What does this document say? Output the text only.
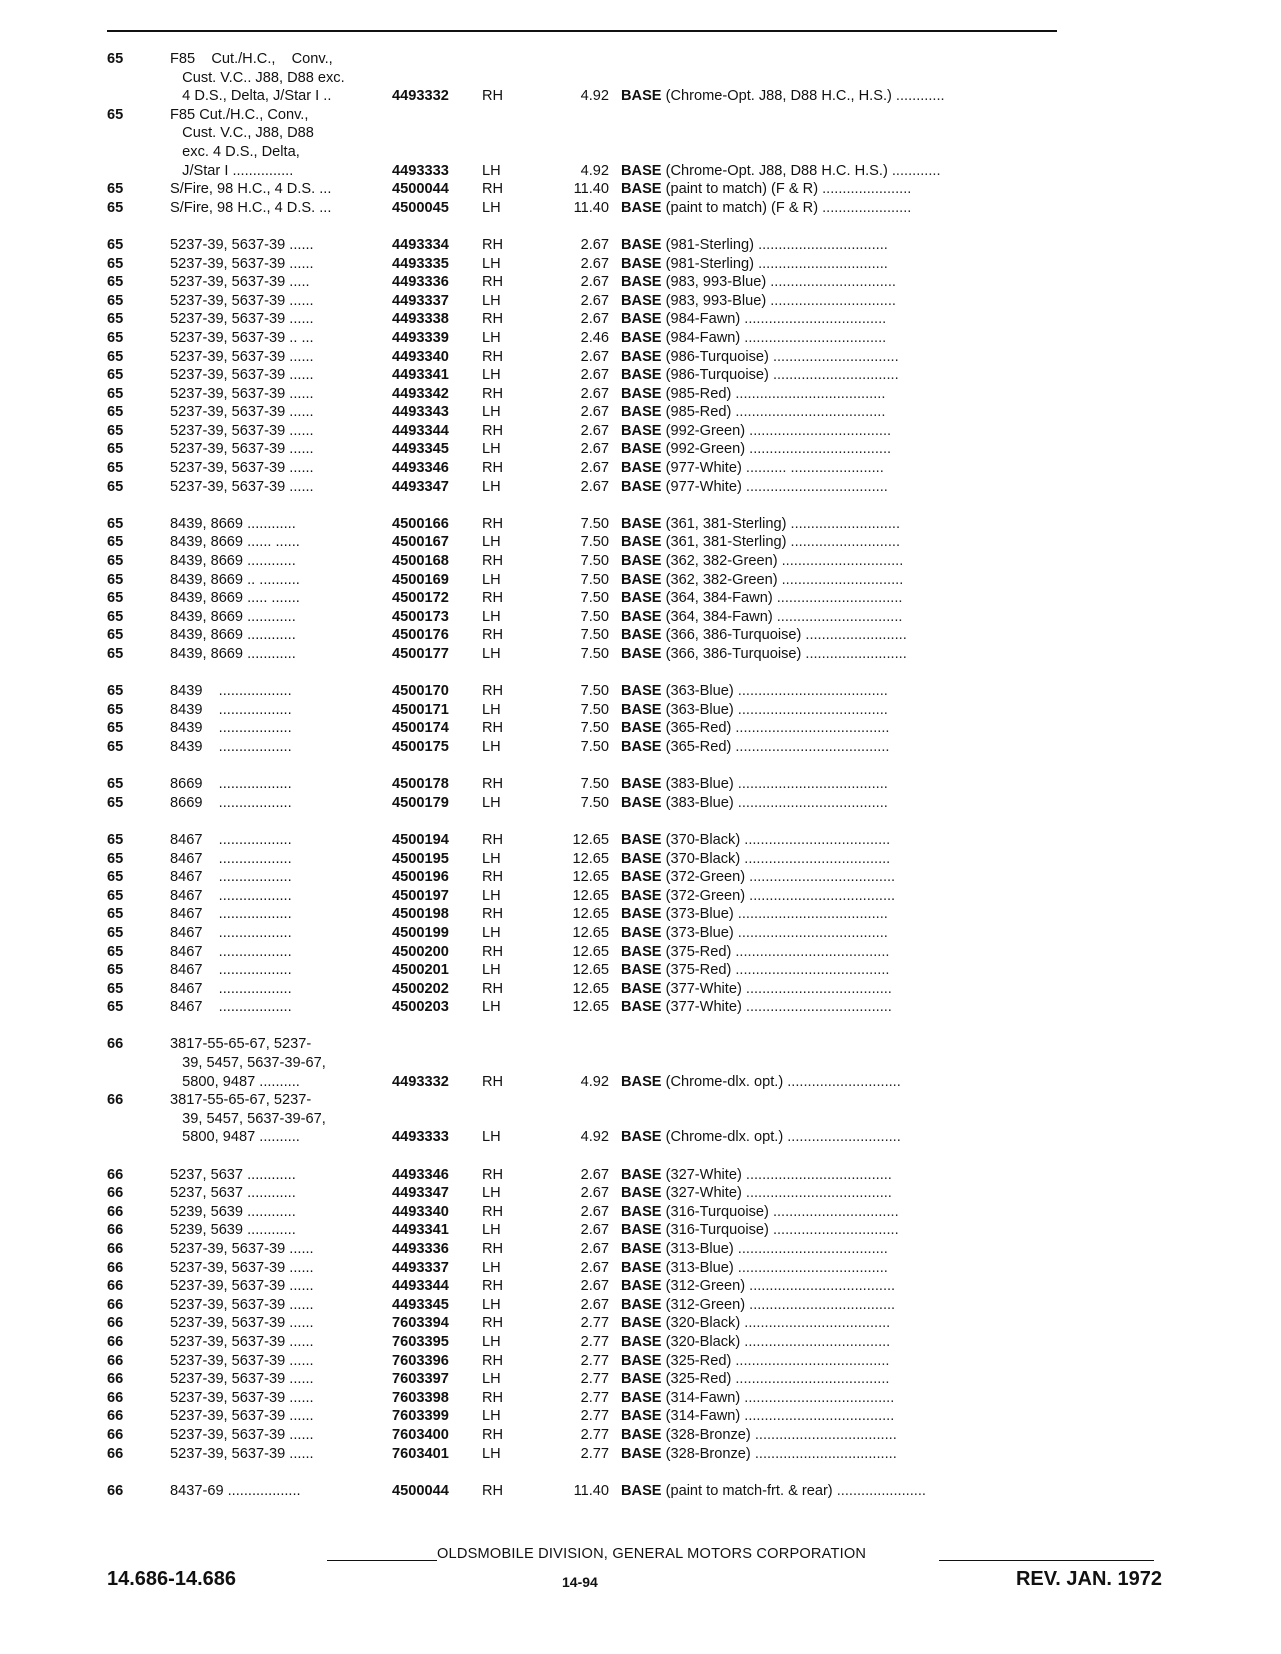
65	F85    Cut./H.C.,    Conv.,
Cust. V.C.. J88, D88 exc.
4 D.S., Delta, J/Star I ..	4493332	RH	4.92 BASE (Chrome-Opt. J88, D88 H.C., H.S.) ............
65	F85 Cut./H.C., Conv.,
Cust. V.C., J88, D88
exc. 4 D.S., Delta,
J/Star I ...............	4493333	LH	4.92 BASE (Chrome-Opt. J88, D88 H.C. H.S.) ............
65	S/Fire, 98 H.C., 4 D.S. ...	4500044	RH	11.40 BASE (paint to match) (F & R) ......................
65	S/Fire, 98 H.C., 4 D.S. ...	4500045	LH	11.40 BASE (paint to match) (F & R) ......................
65	5237-39, 5637-39 ......	4493334	RH	2.67 BASE (981-Sterling) ................................
65	5237-39, 5637-39 ......	4493335	LH	2.67 BASE (981-Sterling) ................................
65	5237-39, 5637-39 .....	4493336	RH	2.67 BASE (983, 993-Blue) ...............................
65	5237-39, 5637-39 ......	4493337	LH	2.67 BASE (983, 993-Blue) ...............................
65	5237-39, 5637-39 ......	4493338	RH	2.67 BASE (984-Fawn) ...................................
65	5237-39, 5637-39 .. ...	4493339	LH	2.46 BASE (984-Fawn) ...................................
65	5237-39, 5637-39 ......	4493340	RH	2.67 BASE (986-Turquoise) ...............................
65	5237-39, 5637-39 ......	4493341	LH	2.67 BASE (986-Turquoise) ...............................
65	5237-39, 5637-39 ......	4493342	RH	2.67 BASE (985-Red) .....................................
65	5237-39, 5637-39 ......	4493343	LH	2.67 BASE (985-Red) .....................................
65	5237-39, 5637-39 ......	4493344	RH	2.67 BASE (992-Green) ...................................
65	5237-39, 5637-39 ......	4493345	LH	2.67 BASE (992-Green) ...................................
65	5237-39, 5637-39 ......	4493346	RH	2.67 BASE (977-White) .......... .......................
65	5237-39, 5637-39 ......	4493347	LH	2.67 BASE (977-White) ...................................
65	8439, 8669 ............	4500166	RH	7.50 BASE (361, 381-Sterling) ...........................
65	8439, 8669 ...... ......	4500167	LH	7.50 BASE (361, 381-Sterling) ...........................
65	8439, 8669 ............	4500168	RH	7.50 BASE (362, 382-Green) ..............................
65	8439, 8669 .. ..........	4500169	LH	7.50 BASE (362, 382-Green) ..............................
65	8439, 8669 ..... .......	4500172	RH	7.50 BASE (364, 384-Fawn) ...............................
65	8439, 8669 ............	4500173	LH	7.50 BASE (364, 384-Fawn) ...............................
65	8439, 8669 ............	4500176	RH	7.50 BASE (366, 386-Turquoise) .........................
65	8439, 8669 ............	4500177	LH	7.50 BASE (366, 386-Turquoise) .........................
65	8439    ..................	4500170	RH	7.50 BASE (363-Blue) .....................................
65	8439    ..................	4500171	LH	7.50 BASE (363-Blue) .....................................
65	8439    ..................	4500174	RH	7.50 BASE (365-Red) ......................................
65	8439    ..................	4500175	LH	7.50 BASE (365-Red) ......................................
65	8669    ..................	4500178	RH	7.50 BASE (383-Blue) .....................................
65	8669    ..................	4500179	LH	7.50 BASE (383-Blue) .....................................
65	8467    ..................	4500194	RH	12.65 BASE (370-Black) ....................................
65	8467    ..................	4500195	LH	12.65 BASE (370-Black) ....................................
65	8467    ..................	4500196	RH	12.65 BASE (372-Green) ....................................
65	8467    ..................	4500197	LH	12.65 BASE (372-Green) ....................................
65	8467    ..................	4500198	RH	12.65 BASE (373-Blue) .....................................
65	8467    ..................	4500199	LH	12.65 BASE (373-Blue) .....................................
65	8467    ..................	4500200	RH	12.65 BASE (375-Red) ......................................
65	8467    ..................	4500201	LH	12.65 BASE (375-Red) ......................................
65	8467    ..................	4500202	RH	12.65 BASE (377-White) ....................................
65	8467    ..................	4500203	LH	12.65 BASE (377-White) ....................................
66	3817-55-65-67, 5237-
39, 5457, 5637-39-67,
5800, 9487 ..........	4493332	RH	4.92 BASE (Chrome-dlx. opt.) ............................
66	3817-55-65-67, 5237-
39, 5457, 5637-39-67,
5800, 9487 ..........	4493333	LH	4.92 BASE (Chrome-dlx. opt.) ............................
66	5237, 5637 ............	4493346	RH	2.67 BASE (327-White) ....................................
66	5237, 5637 ............	4493347	LH	2.67 BASE (327-White) ....................................
66	5239, 5639 ............	4493340	RH	2.67 BASE (316-Turquoise) ...............................
66	5239, 5639 ............	4493341	LH	2.67 BASE (316-Turquoise) ...............................
66	5237-39, 5637-39 ......	4493336	RH	2.67 BASE (313-Blue) .....................................
66	5237-39, 5637-39 ......	4493337	LH	2.67 BASE (313-Blue) .....................................
66	5237-39, 5637-39 ......	4493344	RH	2.67 BASE (312-Green) ....................................
66	5237-39, 5637-39 ......	4493345	LH	2.67 BASE (312-Green) ....................................
66	5237-39, 5637-39 ......	7603394	RH	2.77 BASE (320-Black) ....................................
66	5237-39, 5637-39 ......	7603395	LH	2.77 BASE (320-Black) ....................................
66	5237-39, 5637-39 ......	7603396	RH	2.77 BASE (325-Red) ......................................
66	5237-39, 5637-39 ......	7603397	LH	2.77 BASE (325-Red) ......................................
66	5237-39, 5637-39 ......	7603398	RH	2.77 BASE (314-Fawn) .....................................
66	5237-39, 5637-39 ......	7603399	LH	2.77 BASE (314-Fawn) .....................................
66	5237-39, 5637-39 ......	7603400	RH	2.77 BASE (328-Bronze) ...................................
66	5237-39, 5637-39 ......	7603401	LH	2.77 BASE (328-Bronze) ...................................
66	8437-69 ..................	4500044	RH	11.40 BASE (paint to match-frt. & rear) ......................
OLDSMOBILE DIVISION, GENERAL MOTORS CORPORATION
14.686-14.686	14-94	REV. JAN. 1972
